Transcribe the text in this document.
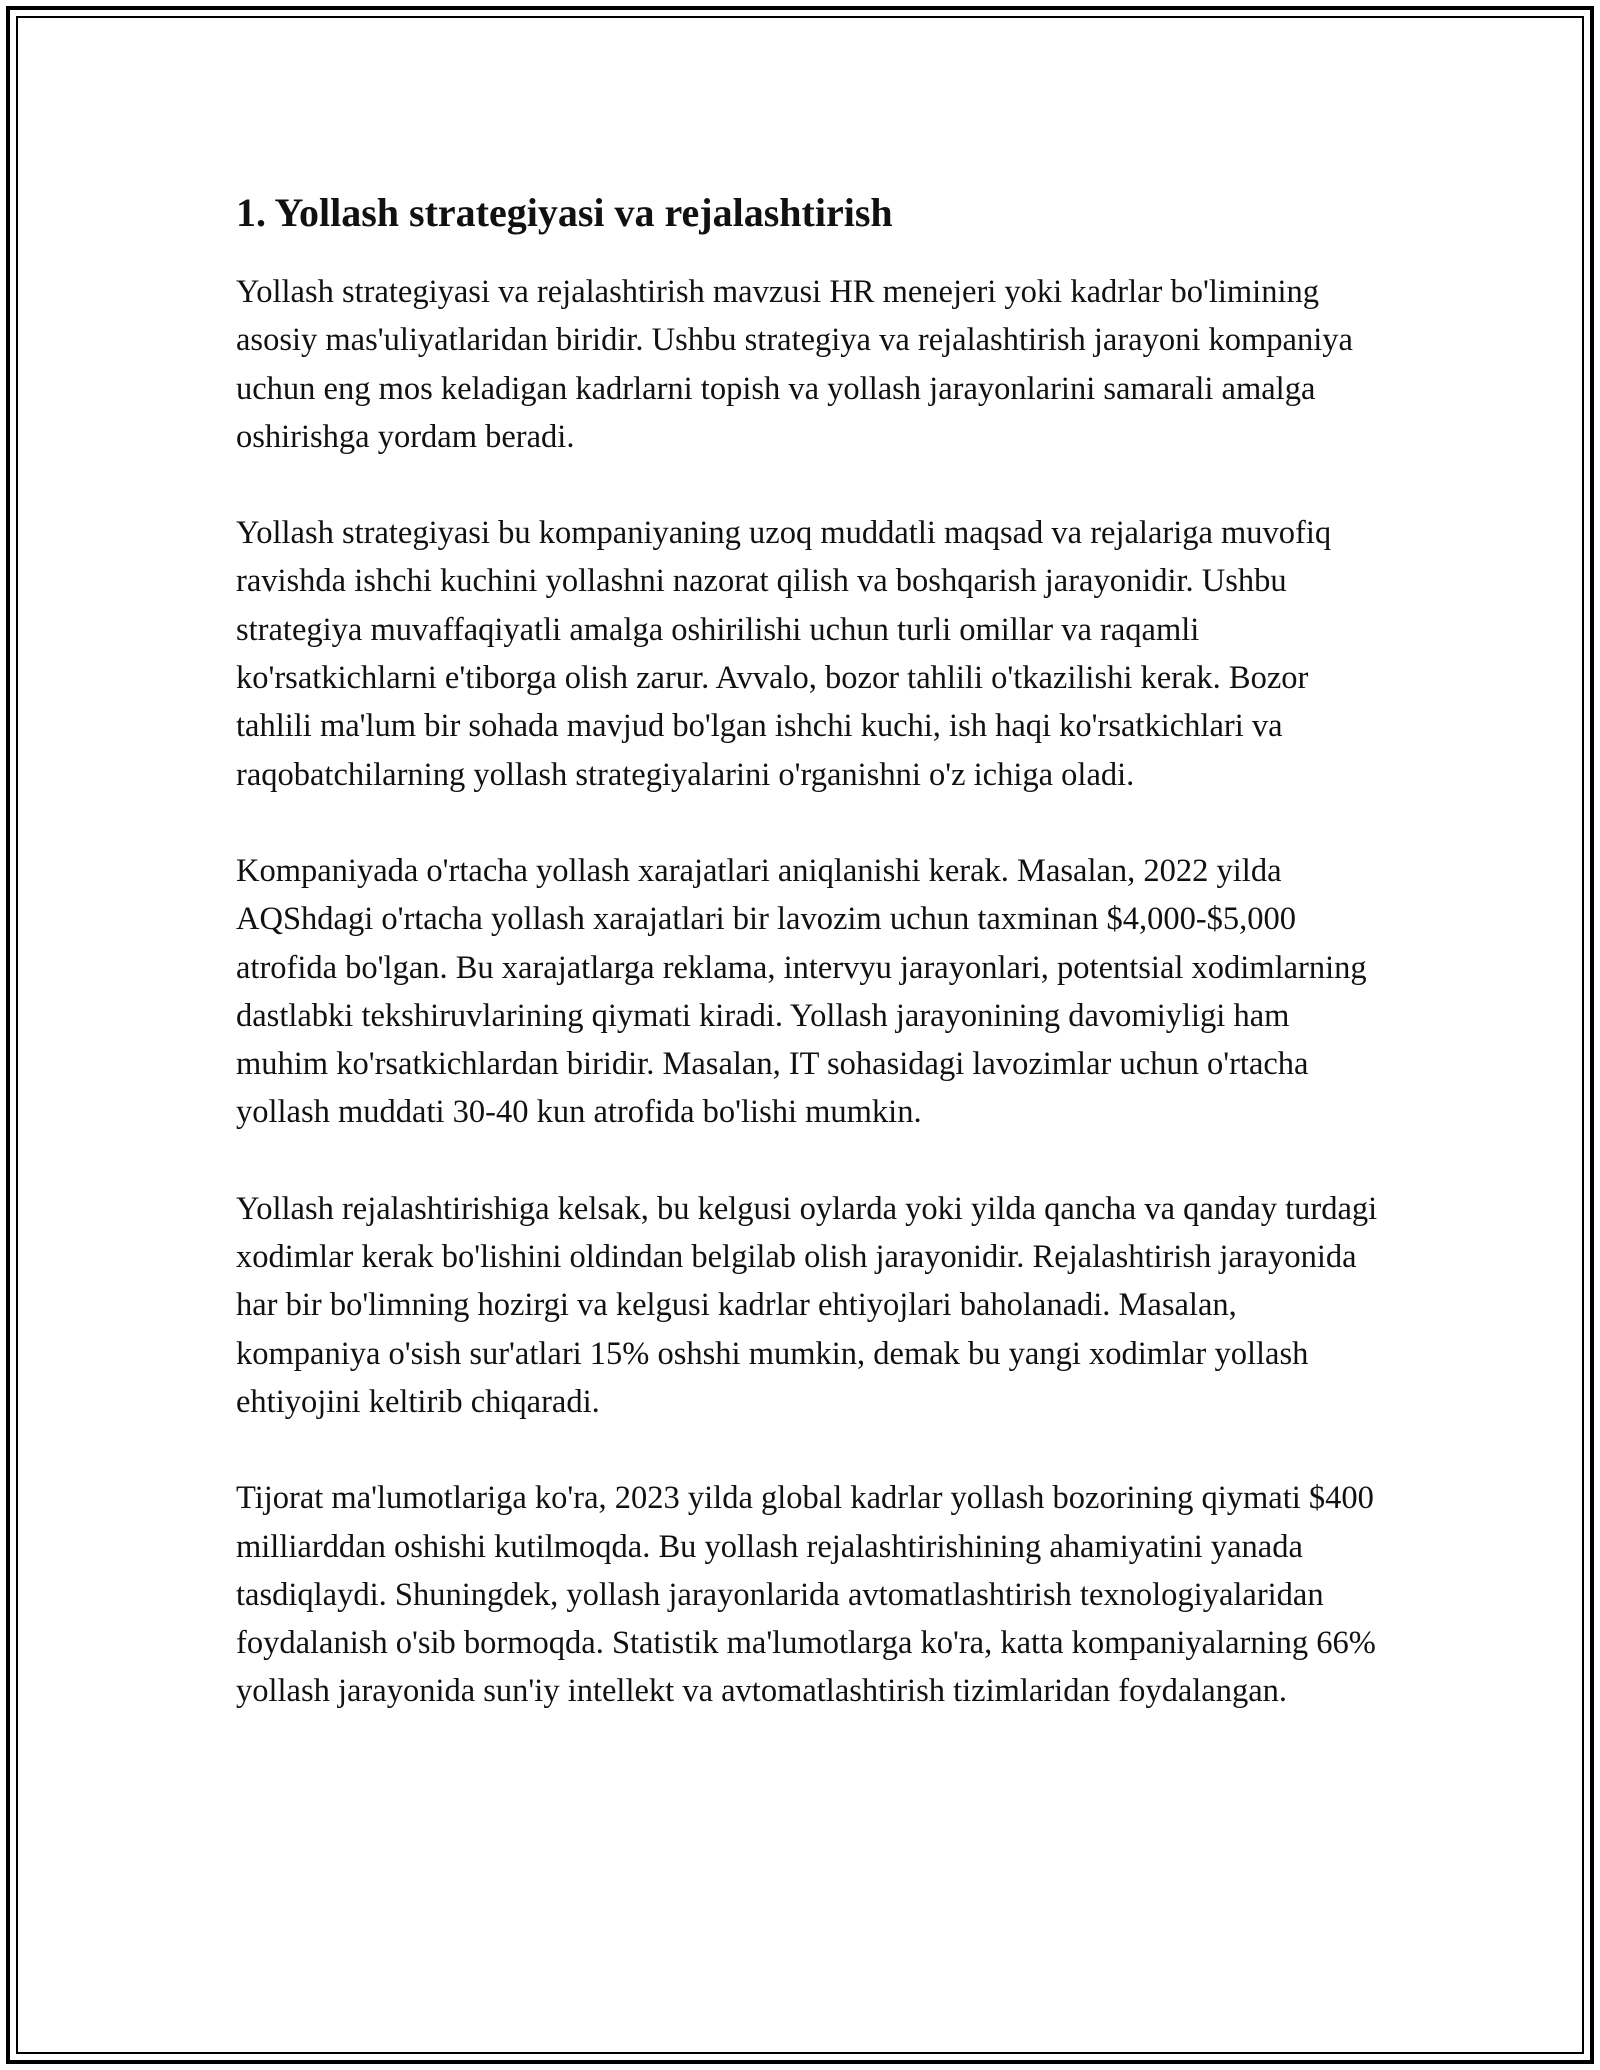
1. Yollash strategiyasi va rejalashtirish

Yollash strategiyasi va rejalashtirish mavzusi HR menejeri yoki kadrlar bo'limining asosiy mas'uliyatlaridan biridir. Ushbu strategiya va rejalashtirish jarayoni kompaniya uchun eng mos keladigan kadrlarni topish va yollash jarayonlarini samarali amalga oshirishga yordam beradi.

Yollash strategiyasi bu kompaniyaning uzoq muddatli maqsad va rejalariga muvofiq ravishda ishchi kuchini yollashni nazorat qilish va boshqarish jarayonidir. Ushbu strategiya muvaffaqiyatli amalga oshirilishi uchun turli omillar va raqamli ko'rsatkichlarni e'tiborga olish zarur. Avvalo, bozor tahlili o'tkazilishi kerak. Bozor tahlili ma'lum bir sohada mavjud bo'lgan ishchi kuchi, ish haqi ko'rsatkichlari va raqobatchilarning yollash strategiyalarini o'rganishni o'z ichiga oladi.

Kompaniyada o'rtacha yollash xarajatlari aniqlanishi kerak. Masalan, 2022 yilda AQShdagi o'rtacha yollash xarajatlari bir lavozim uchun taxminan $4,000-$5,000 atrofida bo'lgan. Bu xarajatlarga reklama, intervyu jarayonlari, potentsial xodimlarning dastlabki tekshiruvlarining qiymati kiradi. Yollash jarayonining davomiyligi ham muhim ko'rsatkichlardan biridir. Masalan, IT sohasidagi lavozimlar uchun o'rtacha yollash muddati 30-40 kun atrofida bo'lishi mumkin.

Yollash rejalashtirishiga kelsak, bu kelgusi oylarda yoki yilda qancha va qanday turdagi xodimlar kerak bo'lishini oldindan belgilab olish jarayonidir. Rejalashtirish jarayonida har bir bo'limning hozirgi va kelgusi kadrlar ehtiyojlari baholanadi. Masalan, kompaniya o'sish sur'atlari 15% oshshi mumkin, demak bu yangi xodimlar yollash ehtiyojini keltirib chiqaradi.

Tijorat ma'lumotlariga ko'ra, 2023 yilda global kadrlar yollash bozorining qiymati $400 milliarddan oshishi kutilmoqda. Bu yollash rejalashtirishining ahamiyatini yanada tasdiqlaydi. Shuningdek, yollash jarayonlarida avtomatlashtirish texnologiyalaridan foydalanish o'sib bormoqda. Statistik ma'lumotlarga ko'ra, katta kompaniyalarning 66% yollash jarayonida sun'iy intellekt va avtomatlashtirish tizimlaridan foydalangan.
